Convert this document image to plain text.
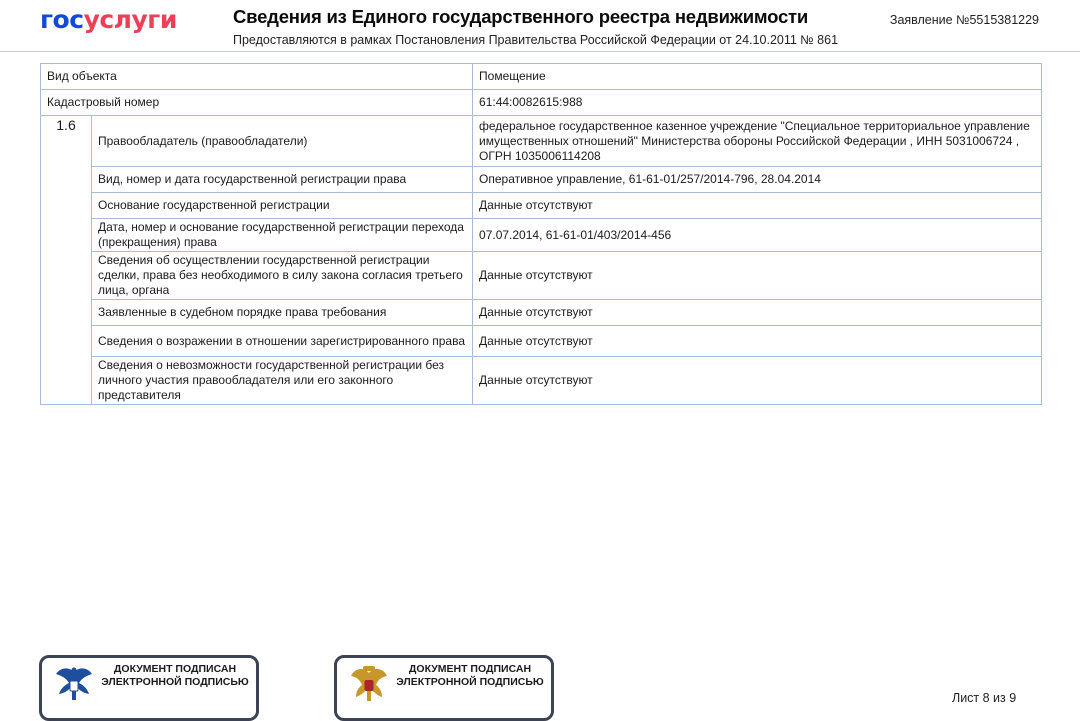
госуслуги	Сведения из Единого государственного реестра недвижимости
Предоставляются в рамках Постановления Правительства Российской Федерации от 24.10.2011 № 861
Заявление №5515381229
Вид объекта		Помещение
Кадастровый номер		61:44:0082615:988
1.6	Правообладатель (правообладатели)	федеральное государственное казенное учреждение "Специальное территориальное управление имущественных отношений" Министерства обороны Российской Федерации , ИНН 5031006724 , ОГРН 1035006114208
	Вид, номер и дата государственной регистрации права	Оперативное управление, 61-61-01/257/2014-796, 28.04.2014
	Основание государственной регистрации	Данные отсутствуют
	Дата, номер и основание государственной регистрации перехода (прекращения) права	07.07.2014, 61-61-01/403/2014-456
	Сведения об осуществлении государственной регистрации сделки, права без необходимого в силу закона согласия третьего лица, органа	Данные отсутствуют
	Заявленные в судебном порядке права требования	Данные отсутствуют
	Сведения о возражении в отношении зарегистрированного права	Данные отсутствуют
	Сведения о невозможности государственной регистрации без личного участия правообладателя или его законного представителя	Данные отсутствуют
ДОКУМЕНТ ПОДПИСАН ЭЛЕКТРОННОЙ ПОДПИСЬЮ
ДОКУМЕНТ ПОДПИСАН ЭЛЕКТРОННОЙ ПОДПИСЬЮ
Лист 8 из 9
